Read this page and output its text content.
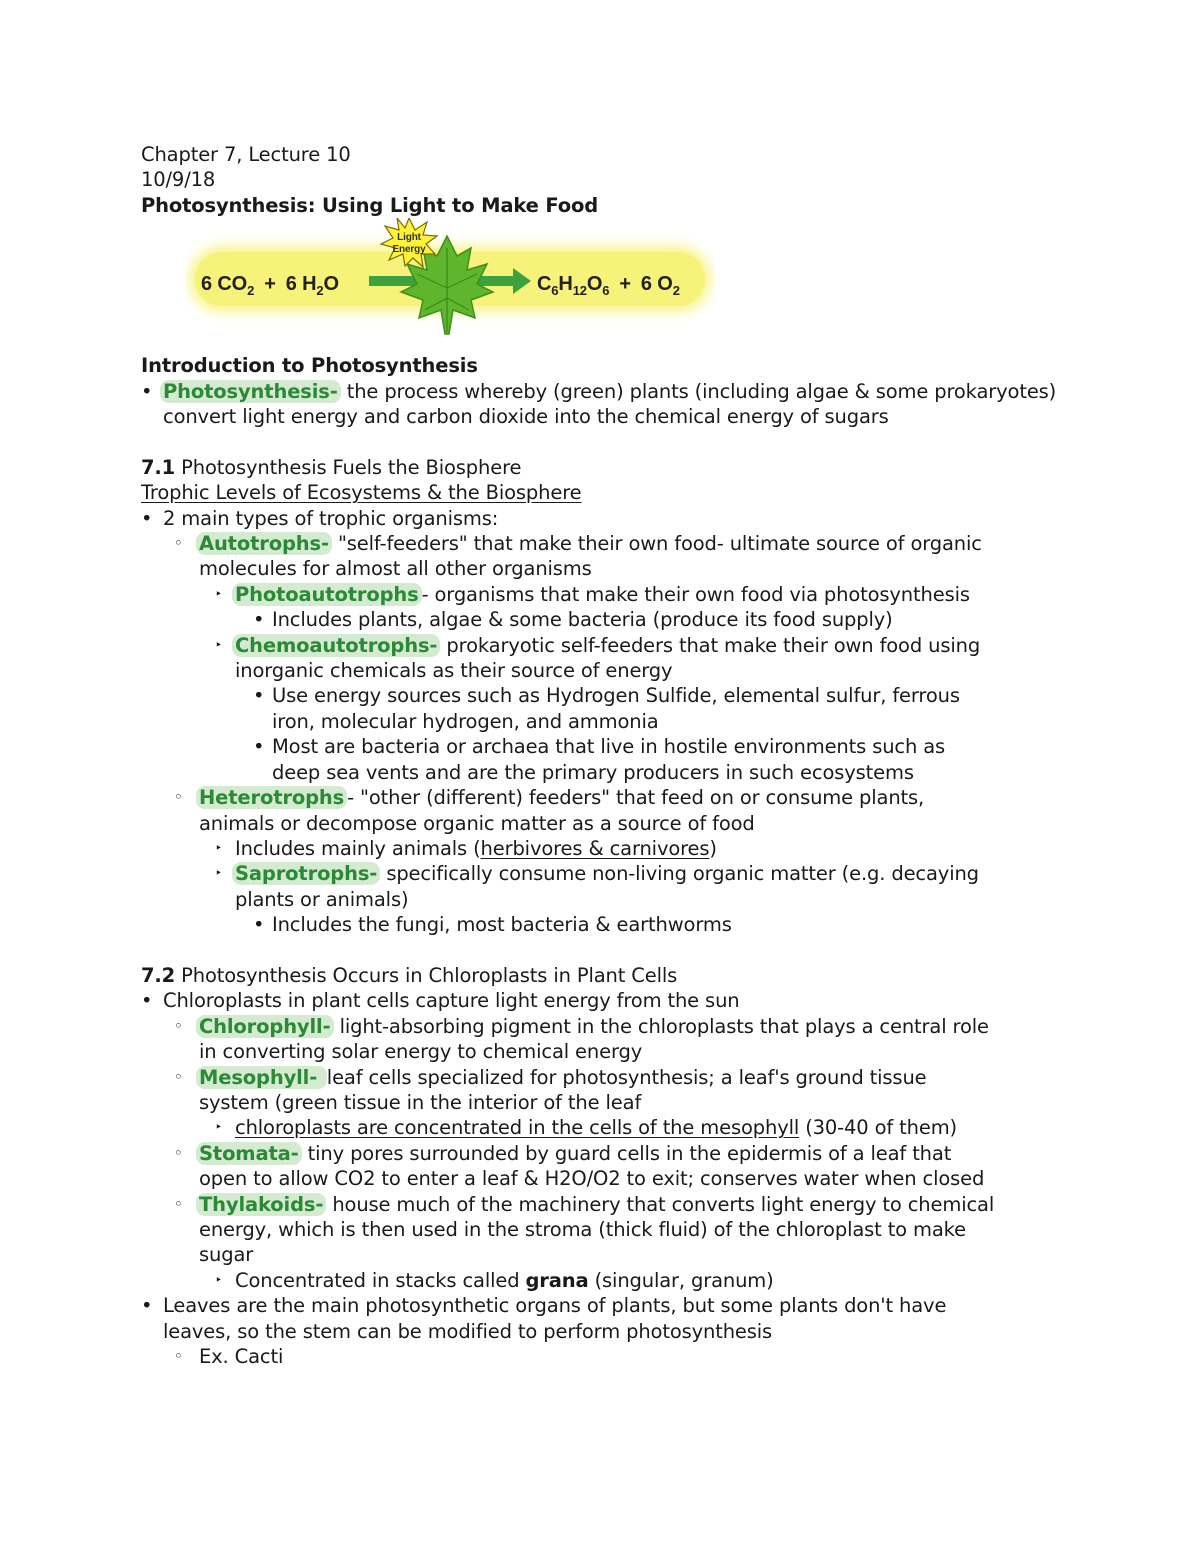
Chapter 7, Lecture 10
10/9/18
Photosynthesis: Using Light to Make Food
Light
Energy
6 $CO_2 + 6$ $H_2O$	$C_6H_{12}O_6 + 6$ $O_2$
Introduction to Photosynthesis
• Photosynthesis- the process whereby (green) plants (including algae & some prokaryotes) convert light energy and carbon dioxide into the chemical energy of sugars
7.1 Photosynthesis Fuels the Biosphere
Trophic Levels of Ecosystems & the Biosphere
• 2 main types of trophic organisms:
◦ Autotrophs- "self-feeders" that make their own food- ultimate source of organic
molecules for almost all other organisms
‣ Photoautotrophs - organisms that make their own food via photosynthesis
• Includes plants, algae & some bacteria (produce its food supply)
‣ Chemoautotrophs- prokaryotic self-feeders that make their own food using
inorganic chemicals as their source of energy
• Use energy sources such as Hydrogen Sulfide, elemental sulfur, ferrous
iron, molecular hydrogen, and ammonia
• Most are bacteria or archaea that live in hostile environments such as
deep sea vents and are the primary producers in such ecosystems
◦ Heterotrophs - "other (different) feeders" that feed on or consume plants,
animals or decompose organic matter as a source of food
‣ Includes mainly animals (herbivores & carnivores)
‣ Saprotrophs- specifically consume non-living organic matter (e.g. decaying
plants or animals)
• Includes the fungi, most bacteria & earthworms
7.2 Photosynthesis Occurs in Chloroplasts in Plant Cells
• Chloroplasts in plant cells capture light energy from the sun
◦ Chlorophyll- light-absorbing pigment in the chloroplasts that plays a central role
in converting solar energy to chemical energy
◦ Mesophyll- leaf cells specialized for photosynthesis; a leaf's ground tissue
system (green tissue in the interior of the leaf
‣ chloroplasts are concentrated in the cells of the mesophyll (30-40 of them)
◦ Stomata- tiny pores surrounded by guard cells in the epidermis of a leaf that
open to allow CO2 to enter a leaf & H2O/O2 to exit; conserves water when closed
◦ Thylakoids- house much of the machinery that converts light energy to chemical
energy, which is then used in the stroma (thick fluid) of the chloroplast to make
sugar
‣ Concentrated in stacks called grana (singular, granum)
• Leaves are the main photosynthetic organs of plants, but some plants don't have
leaves, so the stem can be modified to perform photosynthesis
◦ Ex. Cacti
